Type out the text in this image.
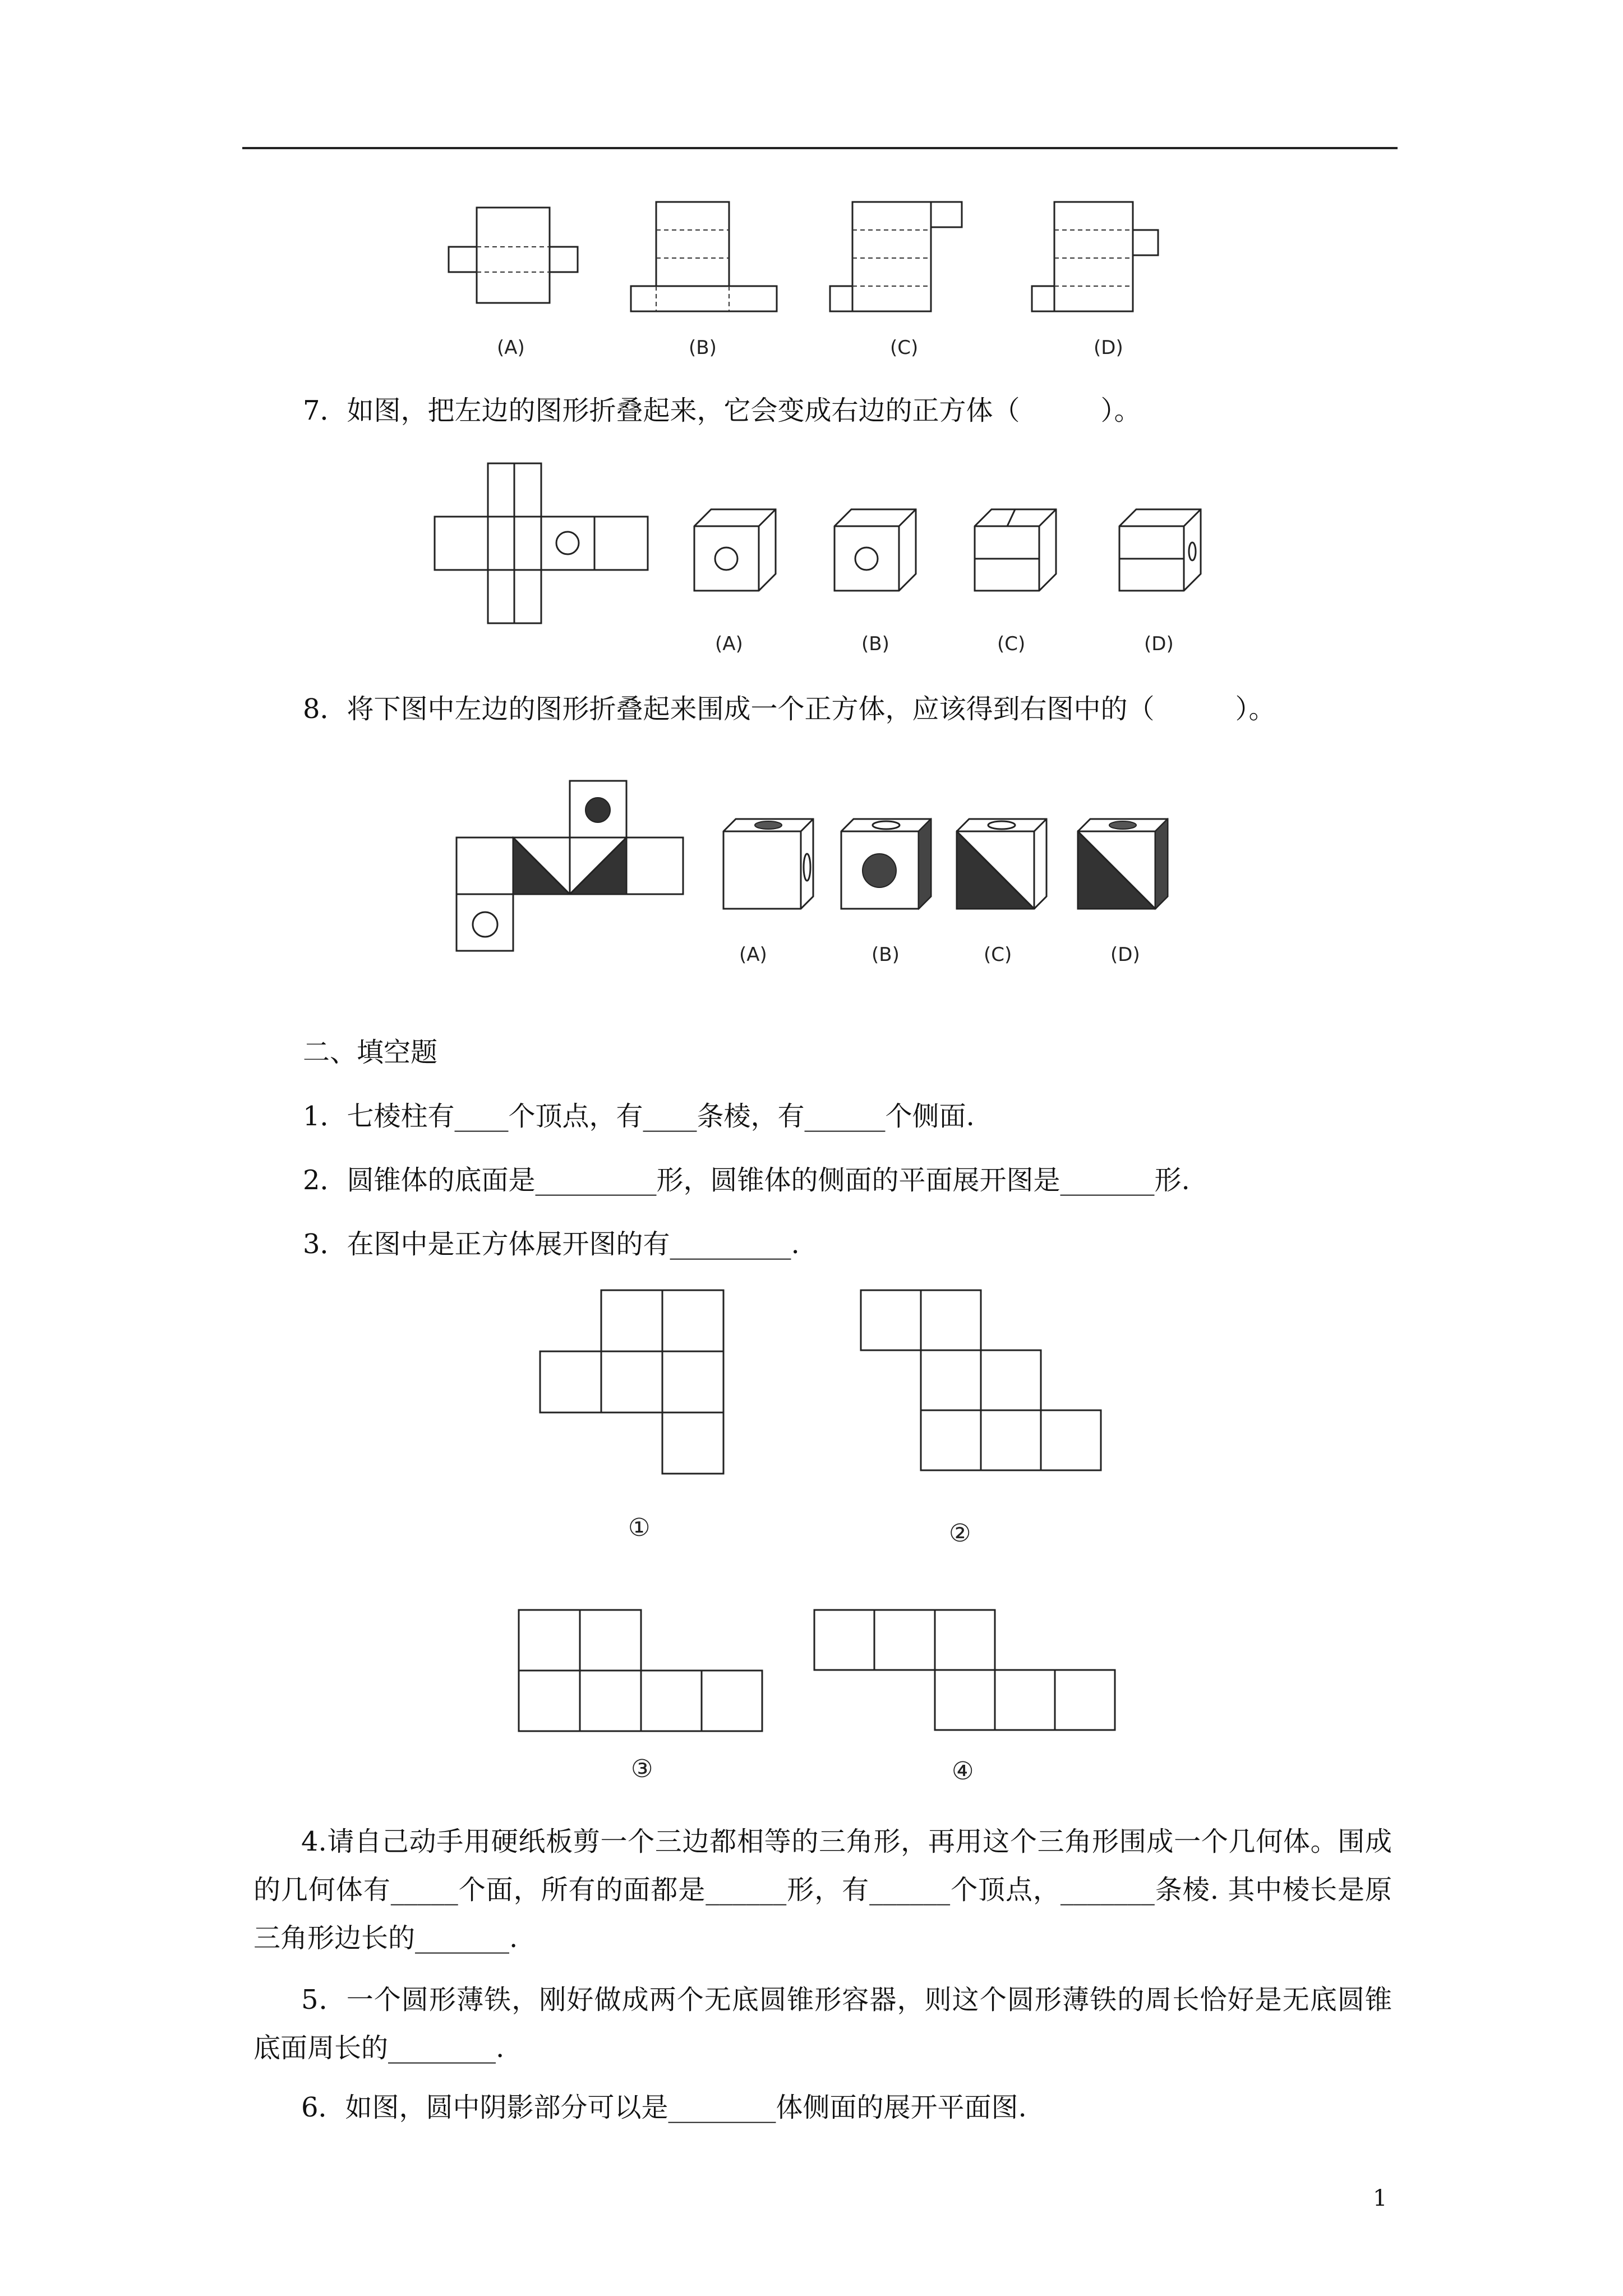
(A)	(B)	(C)	(D)
7．如图，把左边的图形折叠起来，它会变成右边的正方体（　　　）。
(A)	(B)	(C)	(D)
8．将下图中左边的图形折叠起来围成一个正方体，应该得到右图中的（　　　）。
(A)	(B)	(C)	(D)
二、填空题
1．七棱柱有____个顶点，有____条棱，有______个侧面.
2．圆锥体的底面是_________形，圆锥体的侧面的平面展开图是_______形.
3．在图中是正方体展开图的有_________.
①	②
③	④
4.请自己动手用硬纸板剪一个三边都相等的三角形，再用这个三角形围成一个几何体。围成的几何体有_____个面，所有的面都是______形，有______个顶点，_______条棱. 其中棱长是原三角形边长的_______.
5．一个圆形薄铁，刚好做成两个无底圆锥形容器，则这个圆形薄铁的周长恰好是无底圆锥底面周长的________.
6．如图，圆中阴影部分可以是________体侧面的展开平面图.
1
